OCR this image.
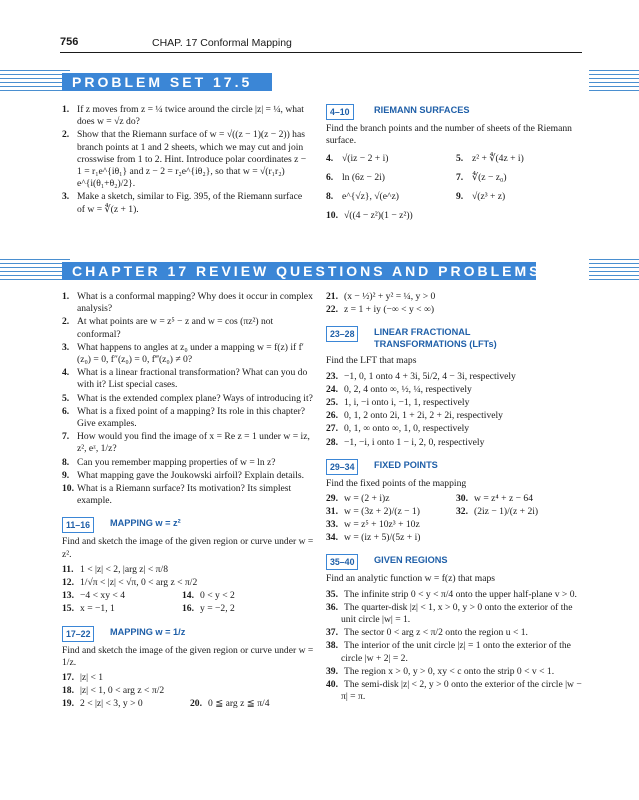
756	CHAP. 17 Conformal Mapping
PROBLEM SET 17.5
1. If z moves from z = ¼ twice around the circle |z| = ¼, what does w = √z do?
2. Show that the Riemann surface of w = √((z − 1)(z − 2)) has branch points at 1 and 2 sheets, which we may cut and join crosswise from 1 to 2. Hint. Introduce polar coordinates z − 1 = r₁e^{iθ₁} and z − 2 = r₂e^{iθ₂}, so that w = √(r₁r₂) e^{i(θ₁+θ₂)/2}.
3. Make a sketch, similar to Fig. 395, of the Riemann surface of w = ∜(z + 1).
4–10	RIEMANN SURFACES
Find the branch points and the number of sheets of the Riemann surface.
4. √(iz − 2 + i)	5. z² + ∜(4z + i)
6. ln (6z − 2i)	7. ∜(z − z₀)
8. e^{√z}, √(e^z)	9. √(z³ + z)
10. √((4 − z²)(1 − z²))
CHAPTER 17 REVIEW QUESTIONS AND PROBLEMS
1. What is a conformal mapping? Why does it occur in complex analysis?
2. At what points are w = z⁵ − z and w = cos (πz²) not conformal?
3. What happens to angles at z₀ under a mapping w = f(z) if f′(z₀) = 0, f″(z₀) = 0, f‴(z₀) ≠ 0?
4. What is a linear fractional transformation? What can you do with it? List special cases.
5. What is the extended complex plane? Ways of introducing it?
6. What is a fixed point of a mapping? Its role in this chapter? Give examples.
7. How would you find the image of x = Re z = 1 under w = iz, z², eᶻ, 1/z?
8. Can you remember mapping properties of w = ln z?
9. What mapping gave the Joukowski airfoil? Explain details.
10. What is a Riemann surface? Its motivation? Its simplest example.
11–16	MAPPING w = z²
Find and sketch the image of the given region or curve under w = z².
11. 1 < |z| < 2, |arg z| < π/8
12. 1/√π < |z| < √π, 0 < arg z < π/2
13. −4 < xy < 4	14. 0 < y < 2
15. x = −1, 1	16. y = −2, 2
17–22	MAPPING w = 1/z
Find and sketch the image of the given region or curve under w = 1/z.
17. |z| < 1
18. |z| < 1, 0 < arg z < π/2
19. 2 < |z| < 3, y > 0	20. 0 ≦ arg z ≦ π/4
21. (x − ½)² + y² = ¼, y > 0
22. z = 1 + iy (−∞ < y < ∞)
23–28	LINEAR FRACTIONAL
TRANSFORMATIONS (LFTs)
Find the LFT that maps
23. −1, 0, 1 onto 4 + 3i, 5i/2, 4 − 3i, respectively
24. 0, 2, 4 onto ∞, ½, ¼, respectively
25. 1, i, −i onto i, −1, 1, respectively
26. 0, 1, 2 onto 2i, 1 + 2i, 2 + 2i, respectively
27. 0, 1, ∞ onto ∞, 1, 0, respectively
28. −1, −i, i onto 1 − i, 2, 0, respectively
29–34	FIXED POINTS
Find the fixed points of the mapping
29. w = (2 + i)z	30. w = z⁴ + z − 64
31. w = (3z + 2)/(z − 1)	32. (2iz − 1)/(z + 2i)
33. w = z⁵ + 10z³ + 10z
34. w = (iz + 5)/(5z + i)
35–40	GIVEN REGIONS
Find an analytic function w = f(z) that maps
35. The infinite strip 0 < y < π/4 onto the upper half-plane v > 0.
36. The quarter-disk |z| < 1, x > 0, y > 0 onto the exterior of the unit circle |w| = 1.
37. The sector 0 < arg z < π/2 onto the region u < 1.
38. The interior of the unit circle |z| = 1 onto the exterior of the circle |w + 2| = 2.
39. The region x > 0, y > 0, xy < c onto the strip 0 < v < 1.
40. The semi-disk |z| < 2, y > 0 onto the exterior of the circle |w − π| = π.
